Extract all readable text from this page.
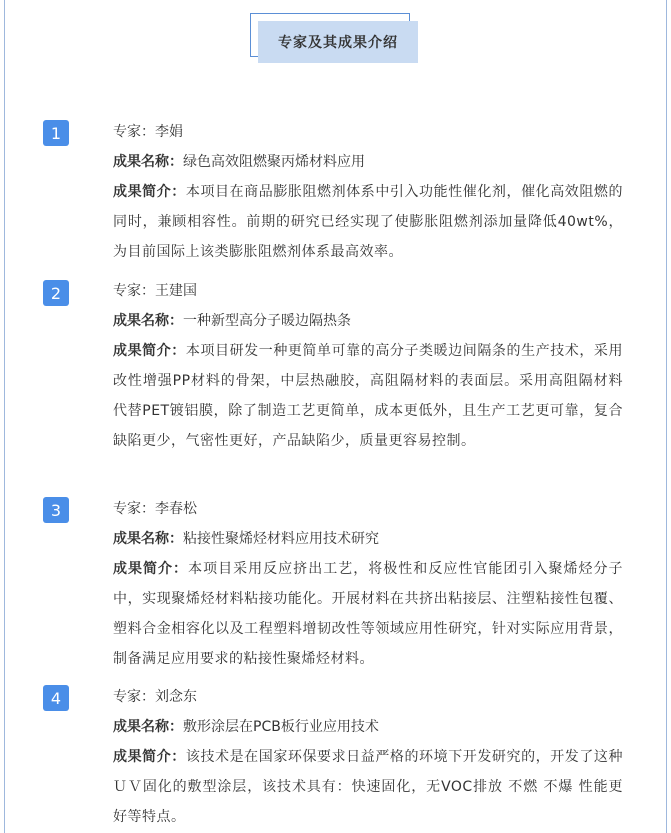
专家及其成果介绍
1	专家：李娟

成果名称：绿色高效阻燃聚丙烯材料应用

成果简介：本项目在商品膨胀阻燃剂体系中引入功能性催化剂，催化高效阻燃的同时，兼顾相容性。前期的研究已经实现了使膨胀阻燃剂添加量降低40wt%，为目前国际上该类膨胀阻燃剂体系最高效率。

2	专家：王建国

成果名称：一种新型高分子暖边隔热条

成果简介：本项目研发一种更简单可靠的高分子类暖边间隔条的生产技术，采用改性增强PP材料的骨架，中层热融胶，高阻隔材料的表面层。采用高阻隔材料代替PET镀铝膜，除了制造工艺更简单，成本更低外，且生产工艺更可靠，复合缺陷更少，气密性更好，产品缺陷少，质量更容易控制。

3	专家：李春松

成果名称：粘接性聚烯烃材料应用技术研究

成果简介：本项目采用反应挤出工艺，将极性和反应性官能团引入聚烯烃分子中，实现聚烯烃材料粘接功能化。开展材料在共挤出粘接层、注塑粘接性包覆、塑料合金相容化以及工程塑料增韧改性等领域应用性研究，针对实际应用背景，制备满足应用要求的粘接性聚烯烃材料。

4	专家：刘念东

成果名称：敷形涂层在PCB板行业应用技术

成果简介：该技术是在国家环保要求日益严格的环境下开发研究的，开发了这种ＵＶ固化的敷型涂层，该技术具有：快速固化，无VOC排放 不燃 不爆 性能更好等特点。
